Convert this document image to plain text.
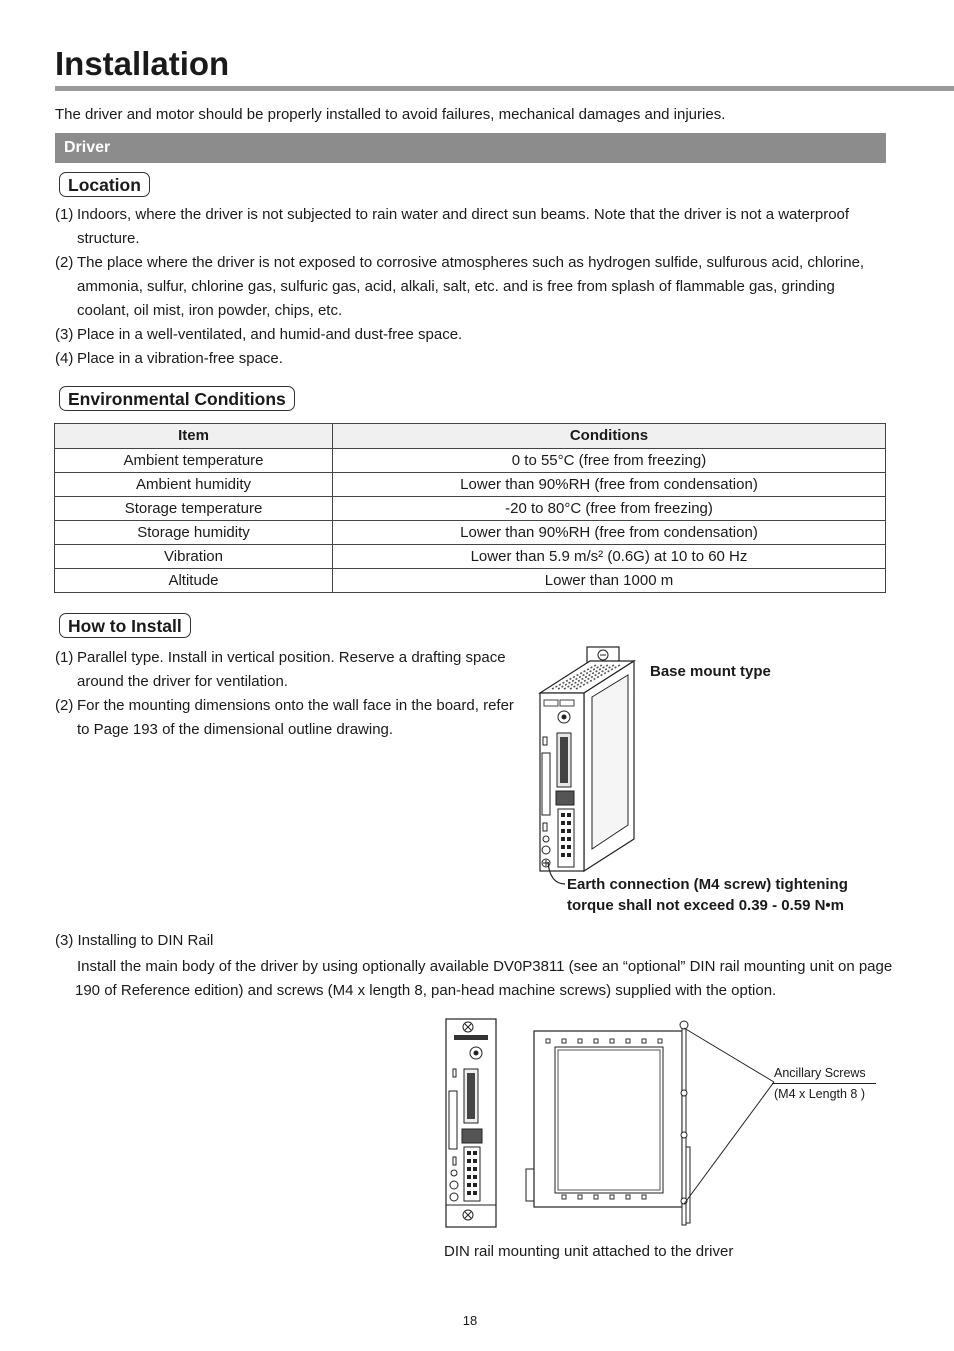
Installation
The driver and motor should be properly installed to avoid failures, mechanical damages and injuries.
Driver
Location
(1) Indoors, where the driver is not subjected to rain water and direct sun beams. Note that the driver is not a waterproof structure.
(2) The place where the driver is not exposed to corrosive atmospheres such as hydrogen sulfide, sulfurous acid, chlorine, ammonia, sulfur, chlorine gas, sulfuric gas, acid, alkali, salt, etc. and is free from splash of flammable gas, grinding coolant, oil mist, iron powder, chips, etc.
(3) Place in a well-ventilated, and humid-and dust-free space.
(4) Place in a vibration-free space.
Environmental Conditions
Item	Conditions
Ambient temperature	0 to 55°C (free from freezing)
Ambient humidity	Lower than 90%RH (free from condensation)
Storage temperature	-20 to 80°C (free from freezing)
Storage humidity	Lower than 90%RH (free from condensation)
Vibration	Lower than 5.9 m/s² (0.6G) at 10 to 60 Hz
Altitude	Lower than 1000 m
How to Install
(1) Parallel type. Install in vertical position. Reserve a drafting space around the driver for ventilation.
(2) For the mounting dimensions onto the wall face in the board, refer to Page 193 of the dimensional outline drawing.
Base mount type
Earth connection (M4 screw) tightening
torque shall not exceed 0.39 - 0.59 N•m
(3) Installing to DIN Rail
Install the main body of the driver by using optionally available DV0P3811 (see an “optional” DIN rail mounting unit on page 190 of Reference edition) and screws (M4 x length 8, pan-head machine screws) supplied with the option.
Ancillary Screws
(M4 x Length 8 )
DIN rail mounting unit attached to the driver
18
